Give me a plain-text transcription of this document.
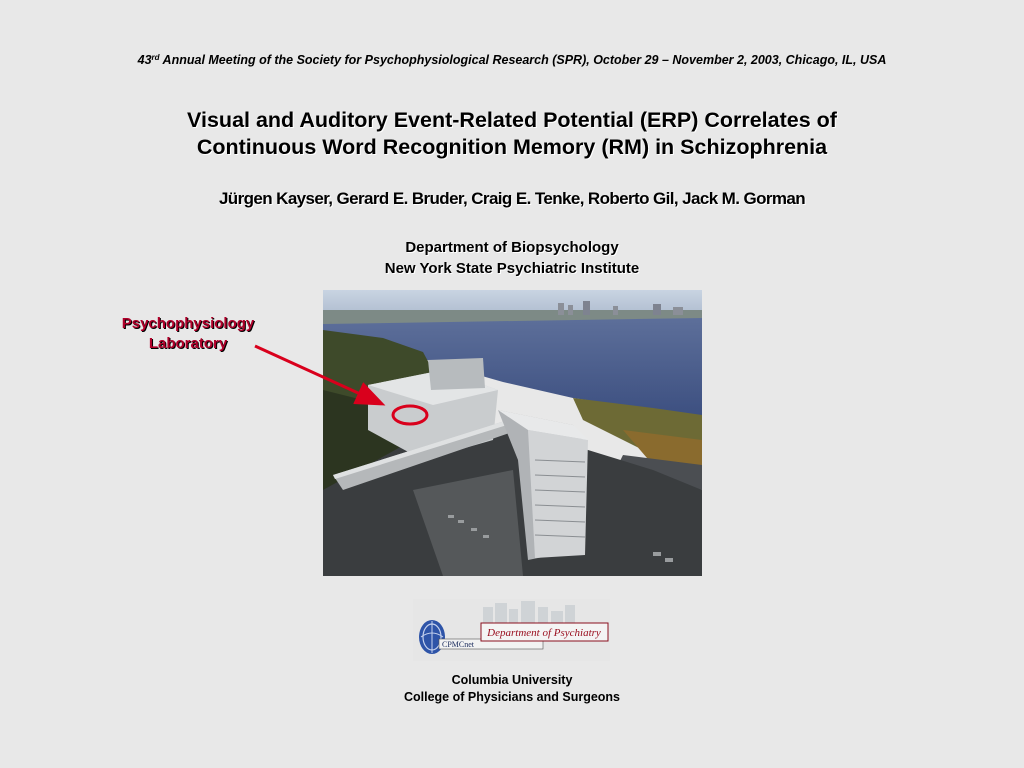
43rd Annual Meeting of the Society for Psychophysiological Research (SPR), October 29 – November 2, 2003, Chicago, IL, USA
Visual and Auditory Event-Related Potential (ERP) Correlates of
Continuous Word Recognition Memory (RM) in Schizophrenia
Jürgen Kayser, Gerard E. Bruder, Craig E. Tenke, Roberto Gil, Jack M. Gorman
Department of Biopsychology
New York State Psychiatric Institute
Psychophysiology
Laboratory
CPMCnet
Department of Psychiatry
Columbia University
College of Physicians and Surgeons
